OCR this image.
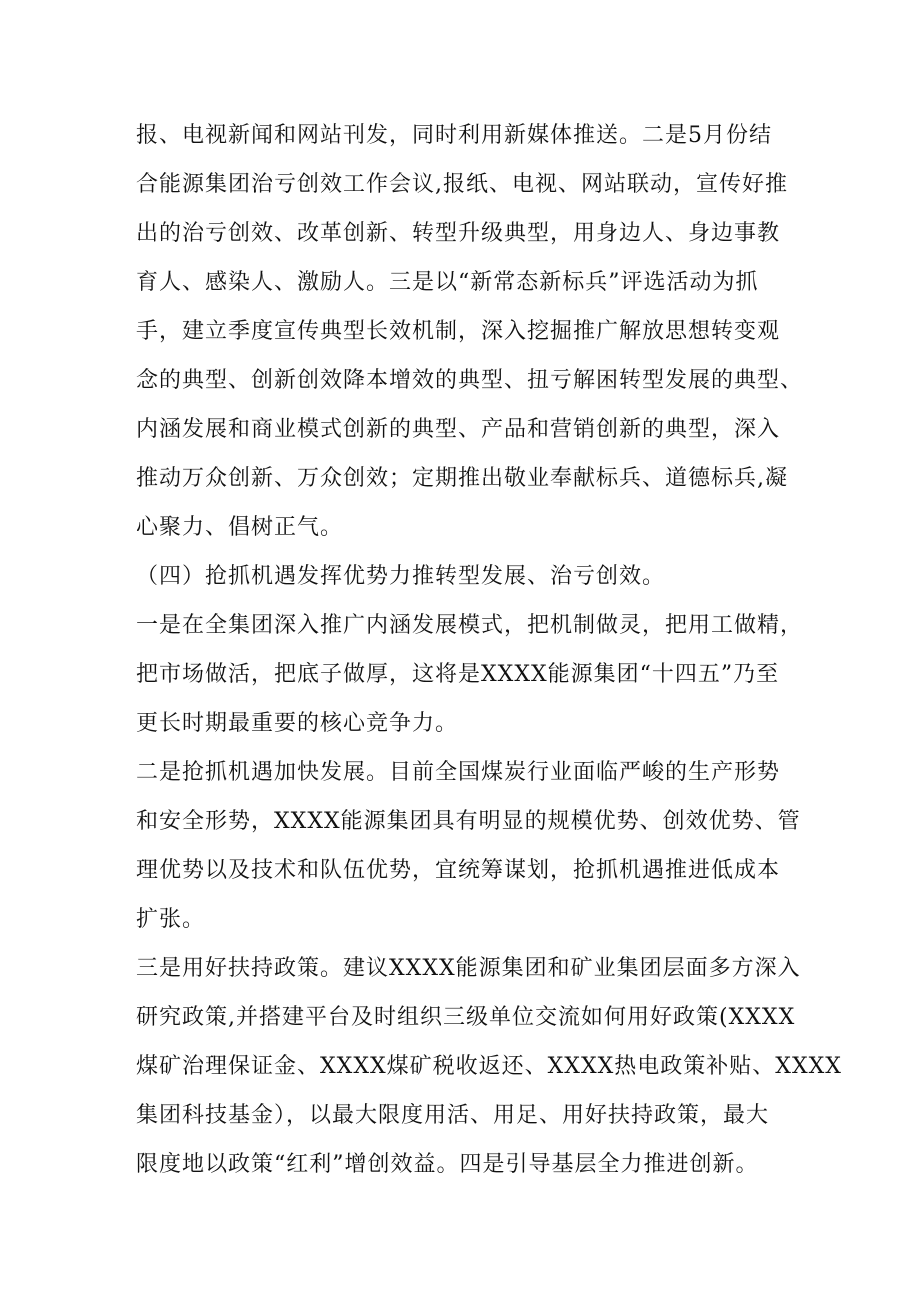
报、电视新闻和网站刊发，同时利用新媒体推送。二是5月份结
合能源集团治亏创效工作会议,报纸、电视、网站联动，宣传好推
出的治亏创效、改革创新、转型升级典型，用身边人、身边事教
育人、感染人、激励人。三是以“新常态新标兵”评选活动为抓
手，建立季度宣传典型长效机制，深入挖掘推广解放思想转变观
念的典型、创新创效降本增效的典型、扭亏解困转型发展的典型、
内涵发展和商业模式创新的典型、产品和营销创新的典型，深入
推动万众创新、万众创效；定期推出敬业奉献标兵、道德标兵,凝
心聚力、倡树正气。
（四）抢抓机遇发挥优势力推转型发展、治亏创效。
一是在全集团深入推广内涵发展模式，把机制做灵，把用工做精，
把市场做活，把底子做厚，这将是XXXX能源集团“十四五”乃至
更长时期最重要的核心竞争力。
二是抢抓机遇加快发展。目前全国煤炭行业面临严峻的生产形势
和安全形势，XXXX能源集团具有明显的规模优势、创效优势、管
理优势以及技术和队伍优势，宜统筹谋划，抢抓机遇推进低成本
扩张。
三是用好扶持政策。建议XXXX能源集团和矿业集团层面多方深入
研究政策,并搭建平台及时组织三级单位交流如何用好政策(XXXX
煤矿治理保证金、XXXX煤矿税收返还、XXXX热电政策补贴、XXXX
集团科技基金），以最大限度用活、用足、用好扶持政策，最大
限度地以政策“红利”增创效益。四是引导基层全力推进创新。
